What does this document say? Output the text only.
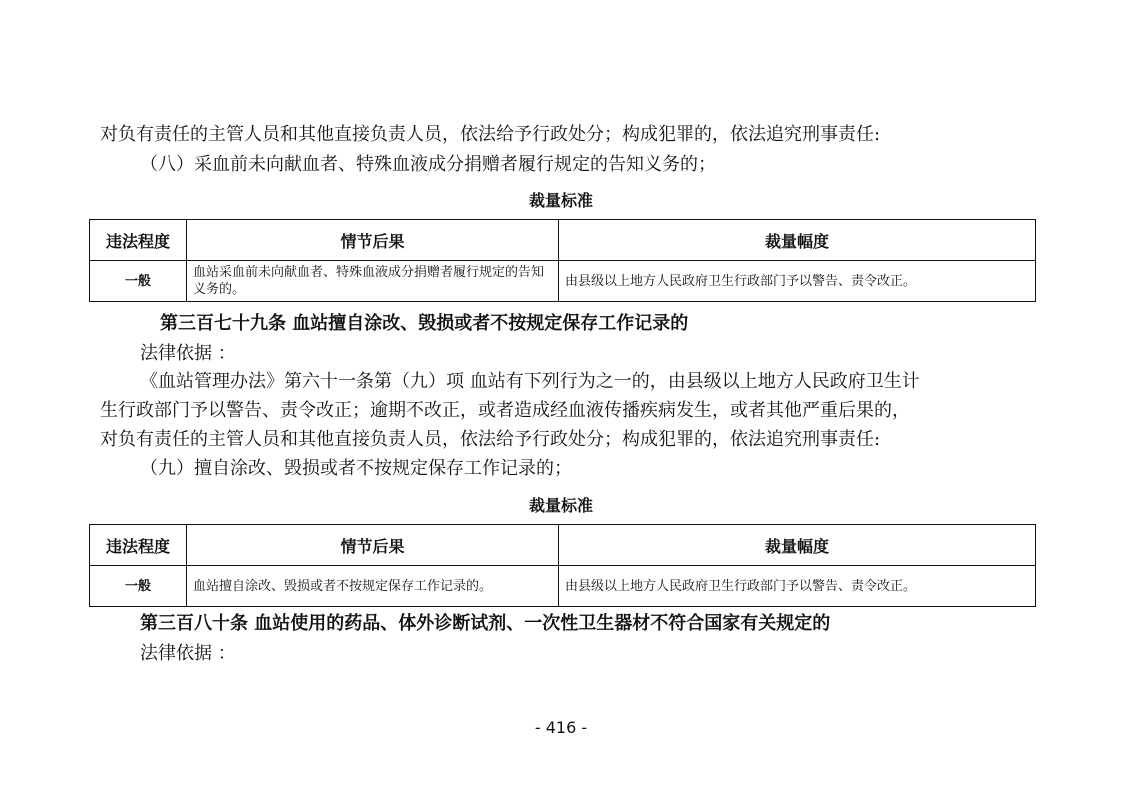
对负有责任的主管人员和其他直接负责人员，依法给予行政处分；构成犯罪的，依法追究刑事责任:
（八）采血前未向献血者、特殊血液成分捐赠者履行规定的告知义务的；
裁量标准
违法程度	情节后果	裁量幅度
一般	血站采血前未向献血者、特殊血液成分捐赠者履行规定的告知义务的。	由县级以上地方人民政府卫生行政部门予以警告、责令改正。
第三百七十九条 血站擅自涂改、毁损或者不按规定保存工作记录的
法律依据 ：
《血站管理办法》第六十一条第（九）项 血站有下列行为之一的，由县级以上地方人民政府卫生计
生行政部门予以警告、责令改正；逾期不改正，或者造成经血液传播疾病发生，或者其他严重后果的，
对负有责任的主管人员和其他直接负责人员，依法给予行政处分；构成犯罪的，依法追究刑事责任:
（九）擅自涂改、毁损或者不按规定保存工作记录的；
裁量标准
违法程度	情节后果	裁量幅度
一般	血站擅自涂改、毁损或者不按规定保存工作记录的。	由县级以上地方人民政府卫生行政部门予以警告、责令改正。
第三百八十条 血站使用的药品、体外诊断试剂、一次性卫生器材不符合国家有关规定的
法律依据 ：
- 416 -
